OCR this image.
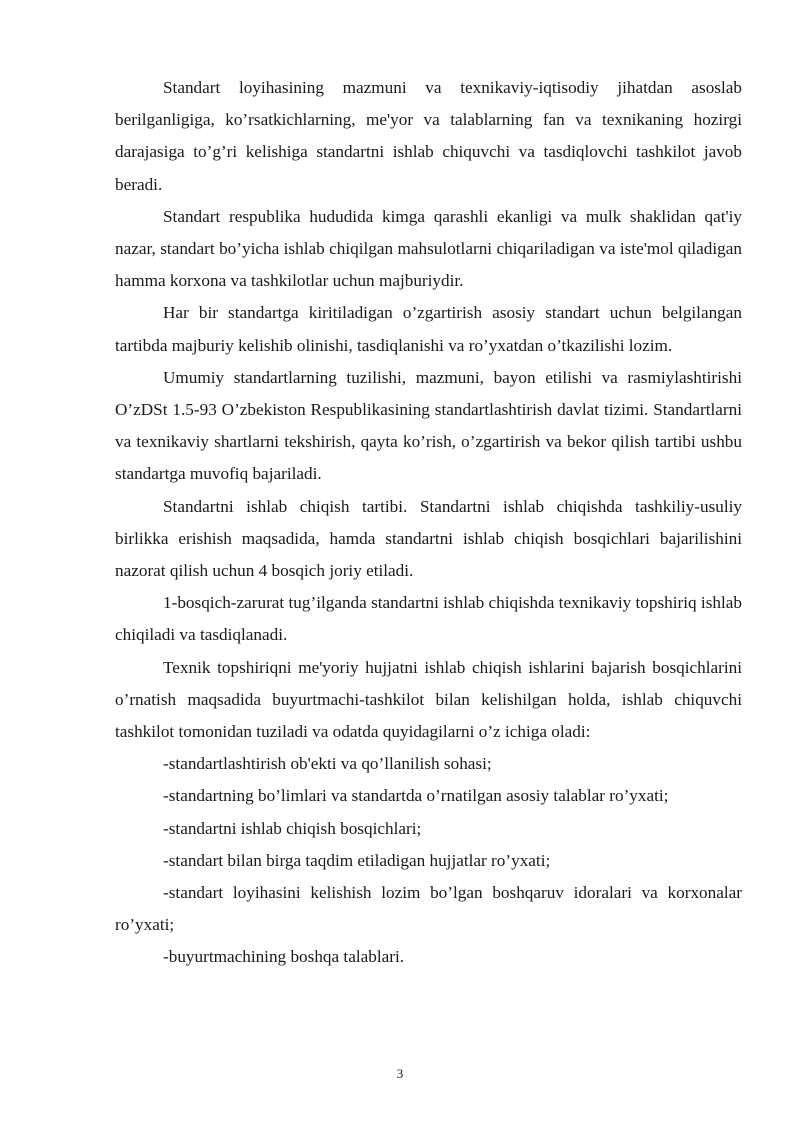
Standart loyihasining mazmuni va texnikaviy-iqtisodiy jihatdan asoslab berilganligiga, ko’rsatkichlarning, me'yor va talablarning fan va texnikaning hozirgi darajasiga to’g’ri kelishiga standartni ishlab chiquvchi va tasdiqlovchi tashkilot javob beradi.

Standart respublika hududida kimga qarashli ekanligi va mulk shaklidan qat'iy nazar, standart bo’yicha ishlab chiqilgan mahsulotlarni chiqariladigan va iste'mol qiladigan hamma korxona va tashkilotlar uchun majburiydir.

Har bir standartga kiritiladigan o’zgartirish asosiy standart uchun belgilangan tartibda majburiy kelishib olinishi, tasdiqlanishi va ro’yxatdan o’tkazilishi lozim.

Umumiy standartlarning tuzilishi, mazmuni, bayon etilishi va rasmiylashtirishi O’zDSt 1.5-93 O’zbekiston Respublikasining standartlashtirish davlat tizimi. Standartlarni va texnikaviy shartlarni tekshirish, qayta ko’rish, o’zgartirish va bekor qilish tartibi ushbu standartga muvofiq bajariladi.

Standartni ishlab chiqish tartibi. Standartni ishlab chiqishda tashkiliy-usuliy birlikka erishish maqsadida, hamda standartni ishlab chiqish bosqichlari bajarilishini nazorat qilish uchun 4 bosqich joriy etiladi.

1-bosqich-zarurat tug’ilganda standartni ishlab chiqishda texnikaviy topshiriq ishlab chiqiladi va tasdiqlanadi.

Texnik topshiriqni me'yoriy hujjatni ishlab chiqish ishlarini bajarish bosqichlarini o’rnatish maqsadida buyurtmachi-tashkilot bilan kelishilgan holda, ishlab chiquvchi tashkilot tomonidan tuziladi va odatda quyidagilarni o’z ichiga oladi:

-standartlashtirish ob'ekti va qo’llanilish sohasi;

-standartning bo’limlari va standartda o’rnatilgan asosiy talablar ro’yxati;

-standartni ishlab chiqish bosqichlari;

-standart bilan birga taqdim etiladigan hujjatlar ro’yxati;

-standart loyihasini kelishish lozim bo’lgan boshqaruv idoralari va korxonalar ro’yxati;

-buyurtmachining boshqa talablari.

3
